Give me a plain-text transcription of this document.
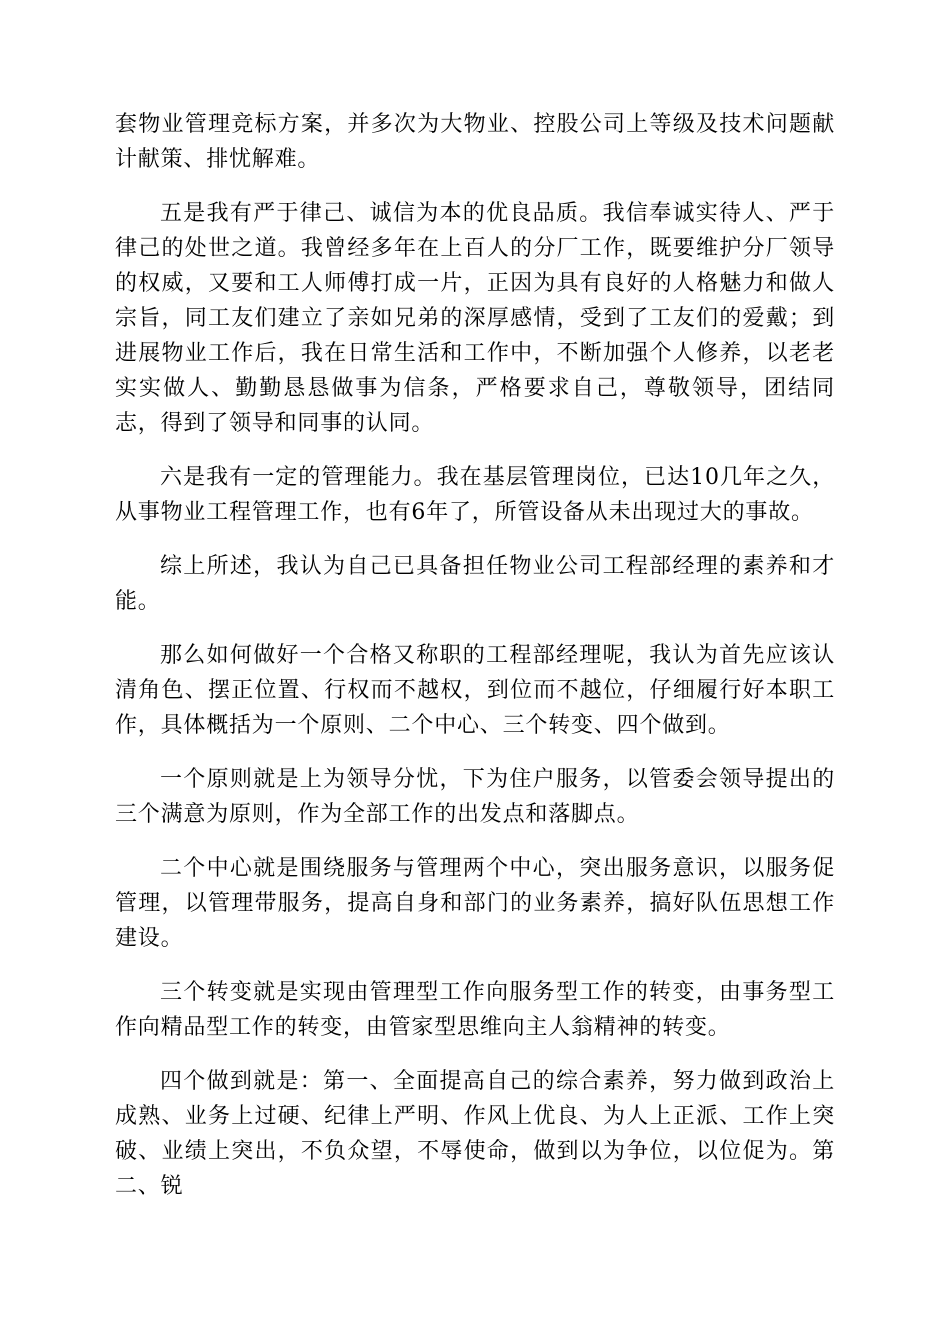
套物业管理竞标方案，并多次为大物业、控股公司上等级及技术问题献计献策、排忧解难。

五是我有严于律己、诚信为本的优良品质。我信奉诚实待人、严于律己的处世之道。我曾经多年在上百人的分厂工作，既要维护分厂领导的权威，又要和工人师傅打成一片，正因为具有良好的人格魅力和做人宗旨，同工友们建立了亲如兄弟的深厚感情，受到了工友们的爱戴；到进展物业工作后，我在日常生活和工作中，不断加强个人修养，以老老实实做人、勤勤恳恳做事为信条，严格要求自己，尊敬领导，团结同志，得到了领导和同事的认同。

六是我有一定的管理能力。我在基层管理岗位，已达10几年之久，从事物业工程管理工作，也有6年了，所管设备从未出现过大的事故。

综上所述，我认为自己已具备担任物业公司工程部经理的素养和才能。

那么如何做好一个合格又称职的工程部经理呢，我认为首先应该认清角色、摆正位置、行权而不越权，到位而不越位，仔细履行好本职工作，具体概括为一个原则、二个中心、三个转变、四个做到。

一个原则就是上为领导分忧，下为住户服务，以管委会领导提出的三个满意为原则，作为全部工作的出发点和落脚点。

二个中心就是围绕服务与管理两个中心，突出服务意识，以服务促管理，以管理带服务，提高自身和部门的业务素养，搞好队伍思想工作建设。

三个转变就是实现由管理型工作向服务型工作的转变，由事务型工作向精品型工作的转变，由管家型思维向主人翁精神的转变。

四个做到就是：第一、全面提高自己的综合素养，努力做到政治上成熟、业务上过硬、纪律上严明、作风上优良、为人上正派、工作上突破、业绩上突出，不负众望，不辱使命，做到以为争位，以位促为。第二、锐
